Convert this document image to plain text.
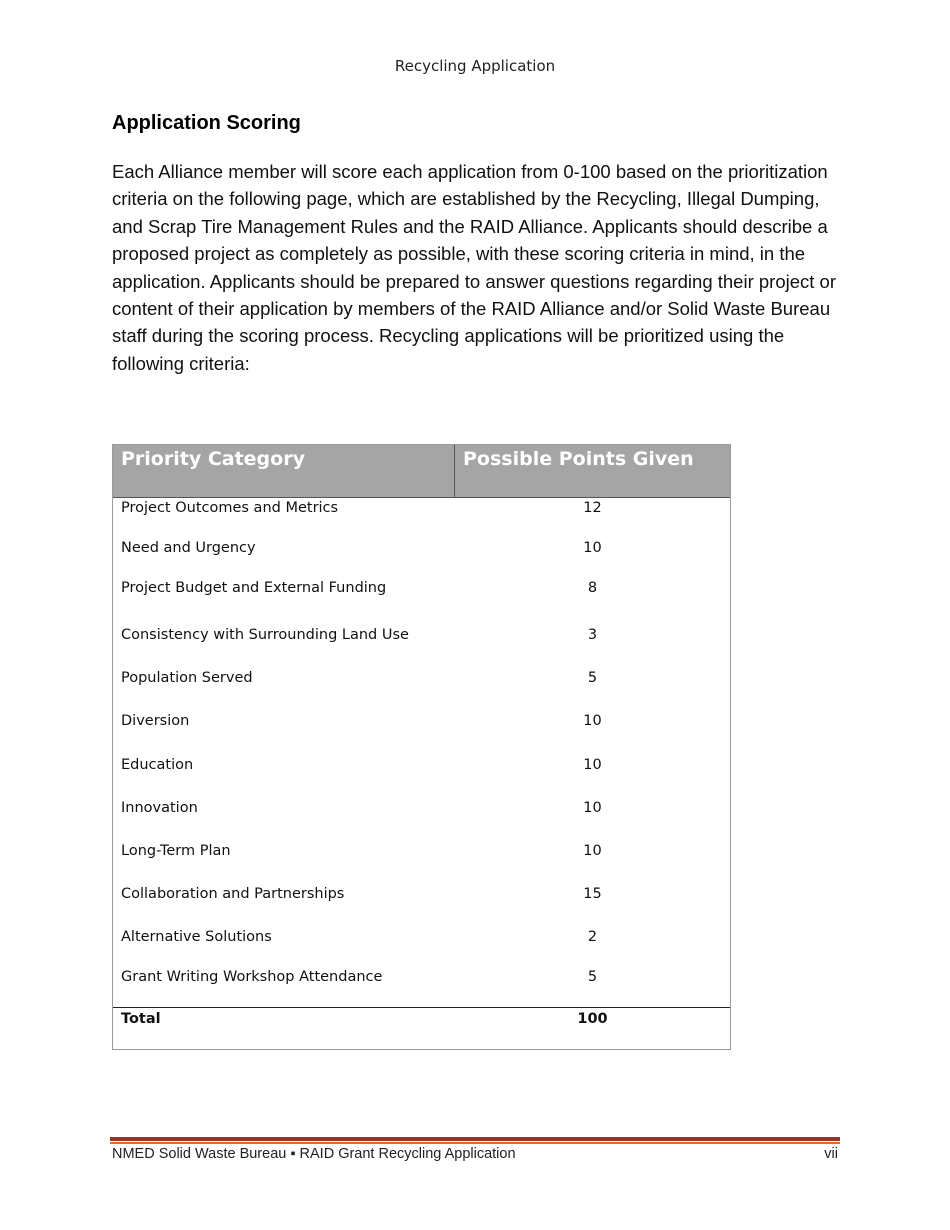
Recycling Application
Application Scoring

Each Alliance member will score each application from 0-100 based on the prioritization criteria on the following page, which are established by the Recycling, Illegal Dumping, and Scrap Tire Management Rules and the RAID Alliance. Applicants should describe a proposed project as completely as possible, with these scoring criteria in mind, in the application. Applicants should be prepared to answer questions regarding their project or content of their application by members of the RAID Alliance and/or Solid Waste Bureau staff during the scoring process. Recycling applications will be prioritized using the following criteria:

Priority Category	Possible Points Given
Project Outcomes and Metrics	12
Need and Urgency	10
Project Budget and External Funding	8
Consistency with Surrounding Land Use	3
Population Served	5
Diversion	10
Education	10
Innovation	10
Long-Term Plan	10
Collaboration and Partnerships	15
Alternative Solutions	2
Grant Writing Workshop Attendance	5
Total	100
NMED Solid Waste Bureau ▪ RAID Grant Recycling Application	vii
